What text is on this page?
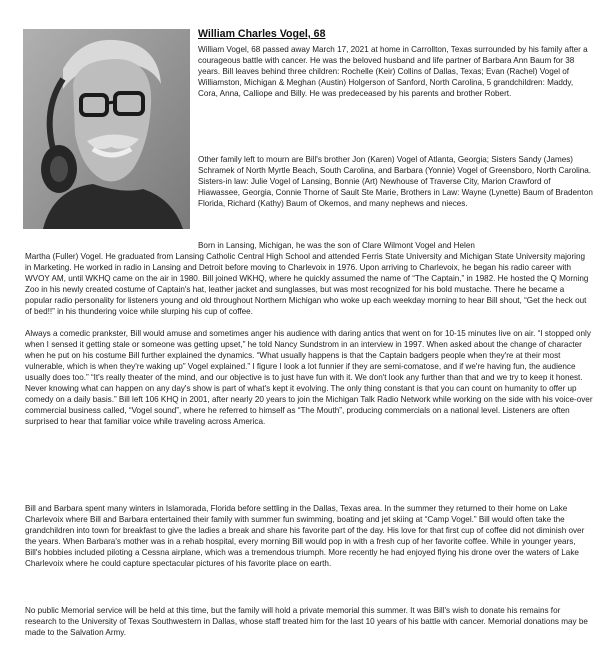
William Charles Vogel, 68

William Vogel, 68 passed away March 17, 2021 at home in Carrollton, Texas surrounded by his family after a courageous battle with cancer. He was the beloved husband and life partner of Barbara Ann Baum for 38 years. Bill leaves behind three children: Rochelle (Keir) Collins of Dallas, Texas; Evan (Rachel) Vogel of Williamston, Michigan & Meghan (Austin) Holgerson of Sanford, North Carolina, 5 grandchildren: Maddy, Cora, Anna, Calliope and Billy. He was predeceased by his parents and brother Robert.

Other family left to mourn are Bill's brother Jon (Karen) Vogel of Atlanta, Georgia; Sisters Sandy (James) Schramek of North Myrtle Beach, South Carolina, and Barbara (Yonnie) Vogel of Greensboro, North Carolina. Sisters-in law: Julie Vogel of Lansing, Bonnie (Art) Newhouse of Traverse City, Marion Crawford of Hiawassee, Georgia, Connie Thorne of Sault Ste Marie, Brothers in Law: Wayne (Lynette) Baum of Bradenton Florida, Richard (Kathy) Baum of Okemos, and many nephews and nieces.

Born in Lansing, Michigan, he was the son of Clare Wilmont Vogel and Helen
Martha (Fuller) Vogel. He graduated from Lansing Catholic Central High School and attended Ferris State University and Michigan State University majoring in Marketing. He worked in radio in Lansing and Detroit before moving to Charlevoix in 1976. Upon arriving to Charlevoix, he began his radio career with WVOY AM, until WKHQ came on the air in 1980. Bill joined WKHQ, where he quickly assumed the name of “The Captain,” in 1982. He hosted the Q Morning Zoo in his newly created costume of Captain's hat, leather jacket and sunglasses, but was most recognized for his bold mustache. There he became a popular radio personality for listeners young and old throughout Northern Michigan who woke up each weekday morning to hear Bill shout, “Get the heck out of bed!!” in his thundering voice while slurping his cup of coffee.

Always a comedic prankster, Bill would amuse and sometimes anger his audience with daring antics that went on for 10-15 minutes live on air. “I stopped only when I sensed it getting stale or someone was getting upset,” he told Nancy Sundstrom in an interview in 1997. When asked about the change of character when he put on his costume Bill further explained the dynamics. “What usually happens is that the Captain badgers people when they're at their most vulnerable, which is when they're waking up” Vogel explained.” I figure I look a lot funnier if they are semi-comatose, and if we're having fun, the audience usually does too.” “It's really theater of the mind, and our objective is to just have fun with it. We don't look any further than that and we try to keep it honest. Never knowing what can happen on any day's show is part of what's kept it evolving. The only thing constant is that you can count on humanity to offer up comedy on a daily basis.” Bill left 106 KHQ in 2001, after nearly 20 years to join the Michigan Talk Radio Network while working on the side with his voice-over commercial business called, “Vogel sound”, where he referred to himself as “The Mouth”, producing commercials on a national level. Listeners are often surprised to hear that familiar voice while traveling across America.

Bill and Barbara spent many winters in Islamorada, Florida before settling in the Dallas, Texas area. In the summer they returned to their home on Lake Charlevoix where Bill and Barbara entertained their family with summer fun swimming, boating and jet skiing at “Camp Vogel.” Bill would often take the grandchildren into town for breakfast to give the ladies a break and share his favorite part of the day. His love for that first cup of coffee did not diminish over the years. When Barbara's mother was in a rehab hospital, every morning Bill would pop in with a fresh cup of her favorite coffee. While in younger years, Bill's hobbies included piloting a Cessna airplane, which was a tremendous triumph. More recently he had enjoyed flying his drone over the waters of Lake Charlevoix where he could capture spectacular pictures of his favorite place on earth.

No public Memorial service will be held at this time, but the family will hold a private memorial this summer. It was Bill's wish to donate his remains for research to the University of Texas Southwestern in Dallas, whose staff treated him for the last 10 years of his battle with cancer. Memorial donations may be made to the Salvation Army.
